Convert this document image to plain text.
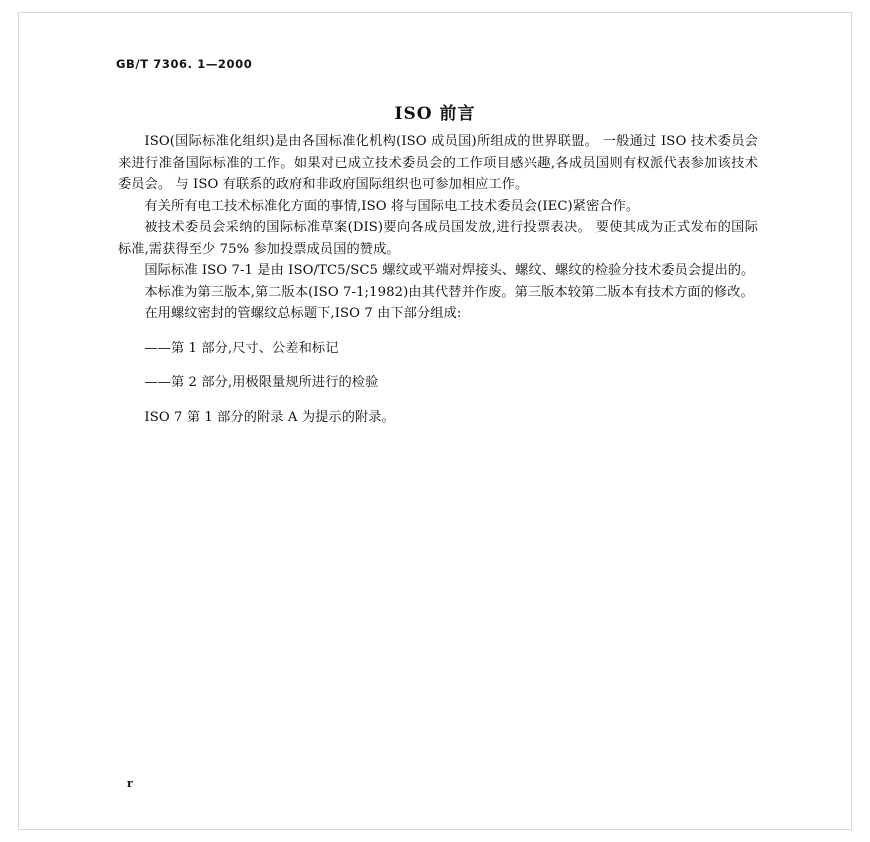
GB/T 7306. 1—2000
ISO 前言

ISO(国际标准化组织)是由各国标准化机构(ISO 成员国)所组成的世界联盟。 一般通过 ISO 技术委员会来进行准备国际标准的工作。如果对已成立技术委员会的工作项目感兴趣,各成员国则有权派代表参加该技术委员会。 与 ISO 有联系的政府和非政府国际组织也可参加相应工作。

有关所有电工技术标准化方面的事情,ISO 将与国际电工技术委员会(IEC)紧密合作。

被技术委员会采纳的国际标准草案(DIS)要向各成员国发放,进行投票表决。 要使其成为正式发布的国际标准,需获得至少 75% 参加投票成员国的赞成。

国际标准 ISO 7-1 是由 ISO/TC5/SC5 螺纹或平端对焊接头、螺纹、螺纹的检验分技术委员会提出的。

本标准为第三版本,第二版本(ISO 7-1;1982)由其代替并作废。第三版本较第二版本有技术方面的修改。

在用螺纹密封的管螺纹总标题下,ISO 7 由下部分组成:

——第 1 部分,尺寸、公差和标记

——第 2 部分,用极限量规所进行的检验

ISO 7 第 1 部分的附录 A 为提示的附录。

r
